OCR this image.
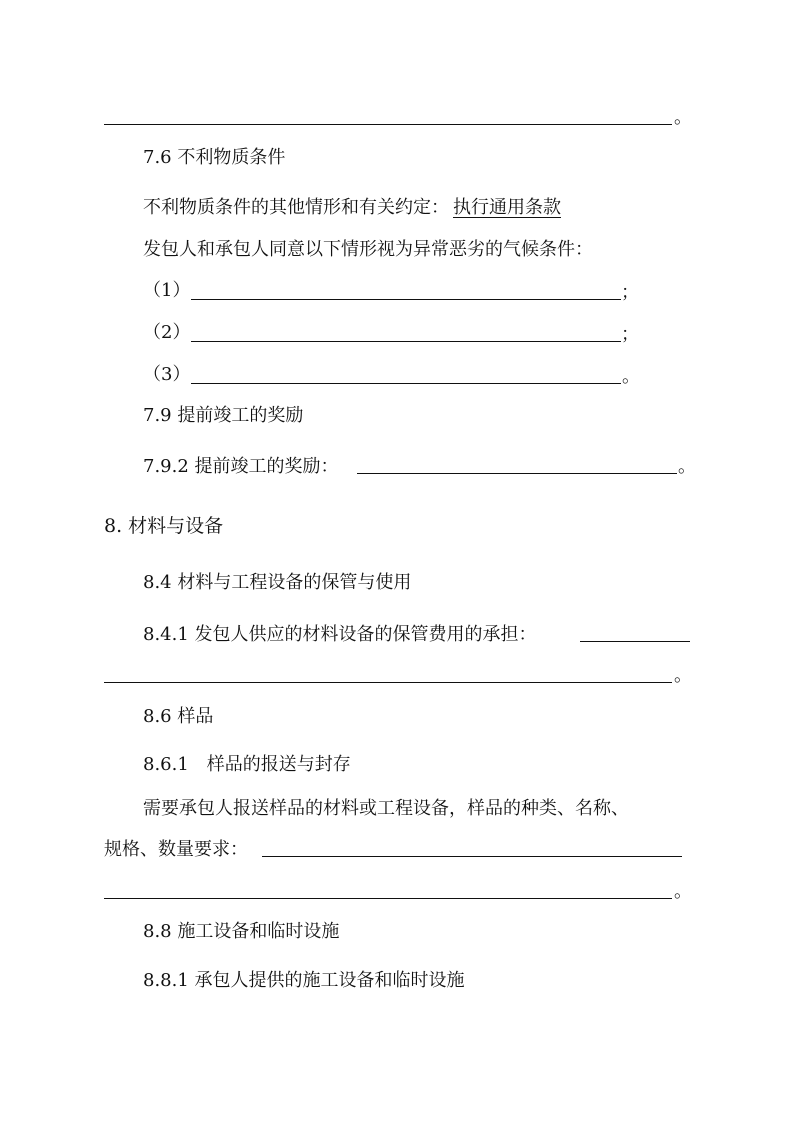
。
7.6 不利物质条件
不利物质条件的其他情形和有关约定： 执行通用条款
发包人和承包人同意以下情形视为异常恶劣的气候条件：
（1）	；
（2）	；
（3）	。
7.9 提前竣工的奖励
7.9.2 提前竣工的奖励：	。
8. 材料与设备
8.4 材料与工程设备的保管与使用
8.4.1 发包人供应的材料设备的保管费用的承担：
。
8.6 样品
8.6.1　样品的报送与封存
需要承包人报送样品的材料或工程设备，样品的种类、名称、
规格、数量要求：
。
8.8 施工设备和临时设施
8.8.1 承包人提供的施工设备和临时设施
